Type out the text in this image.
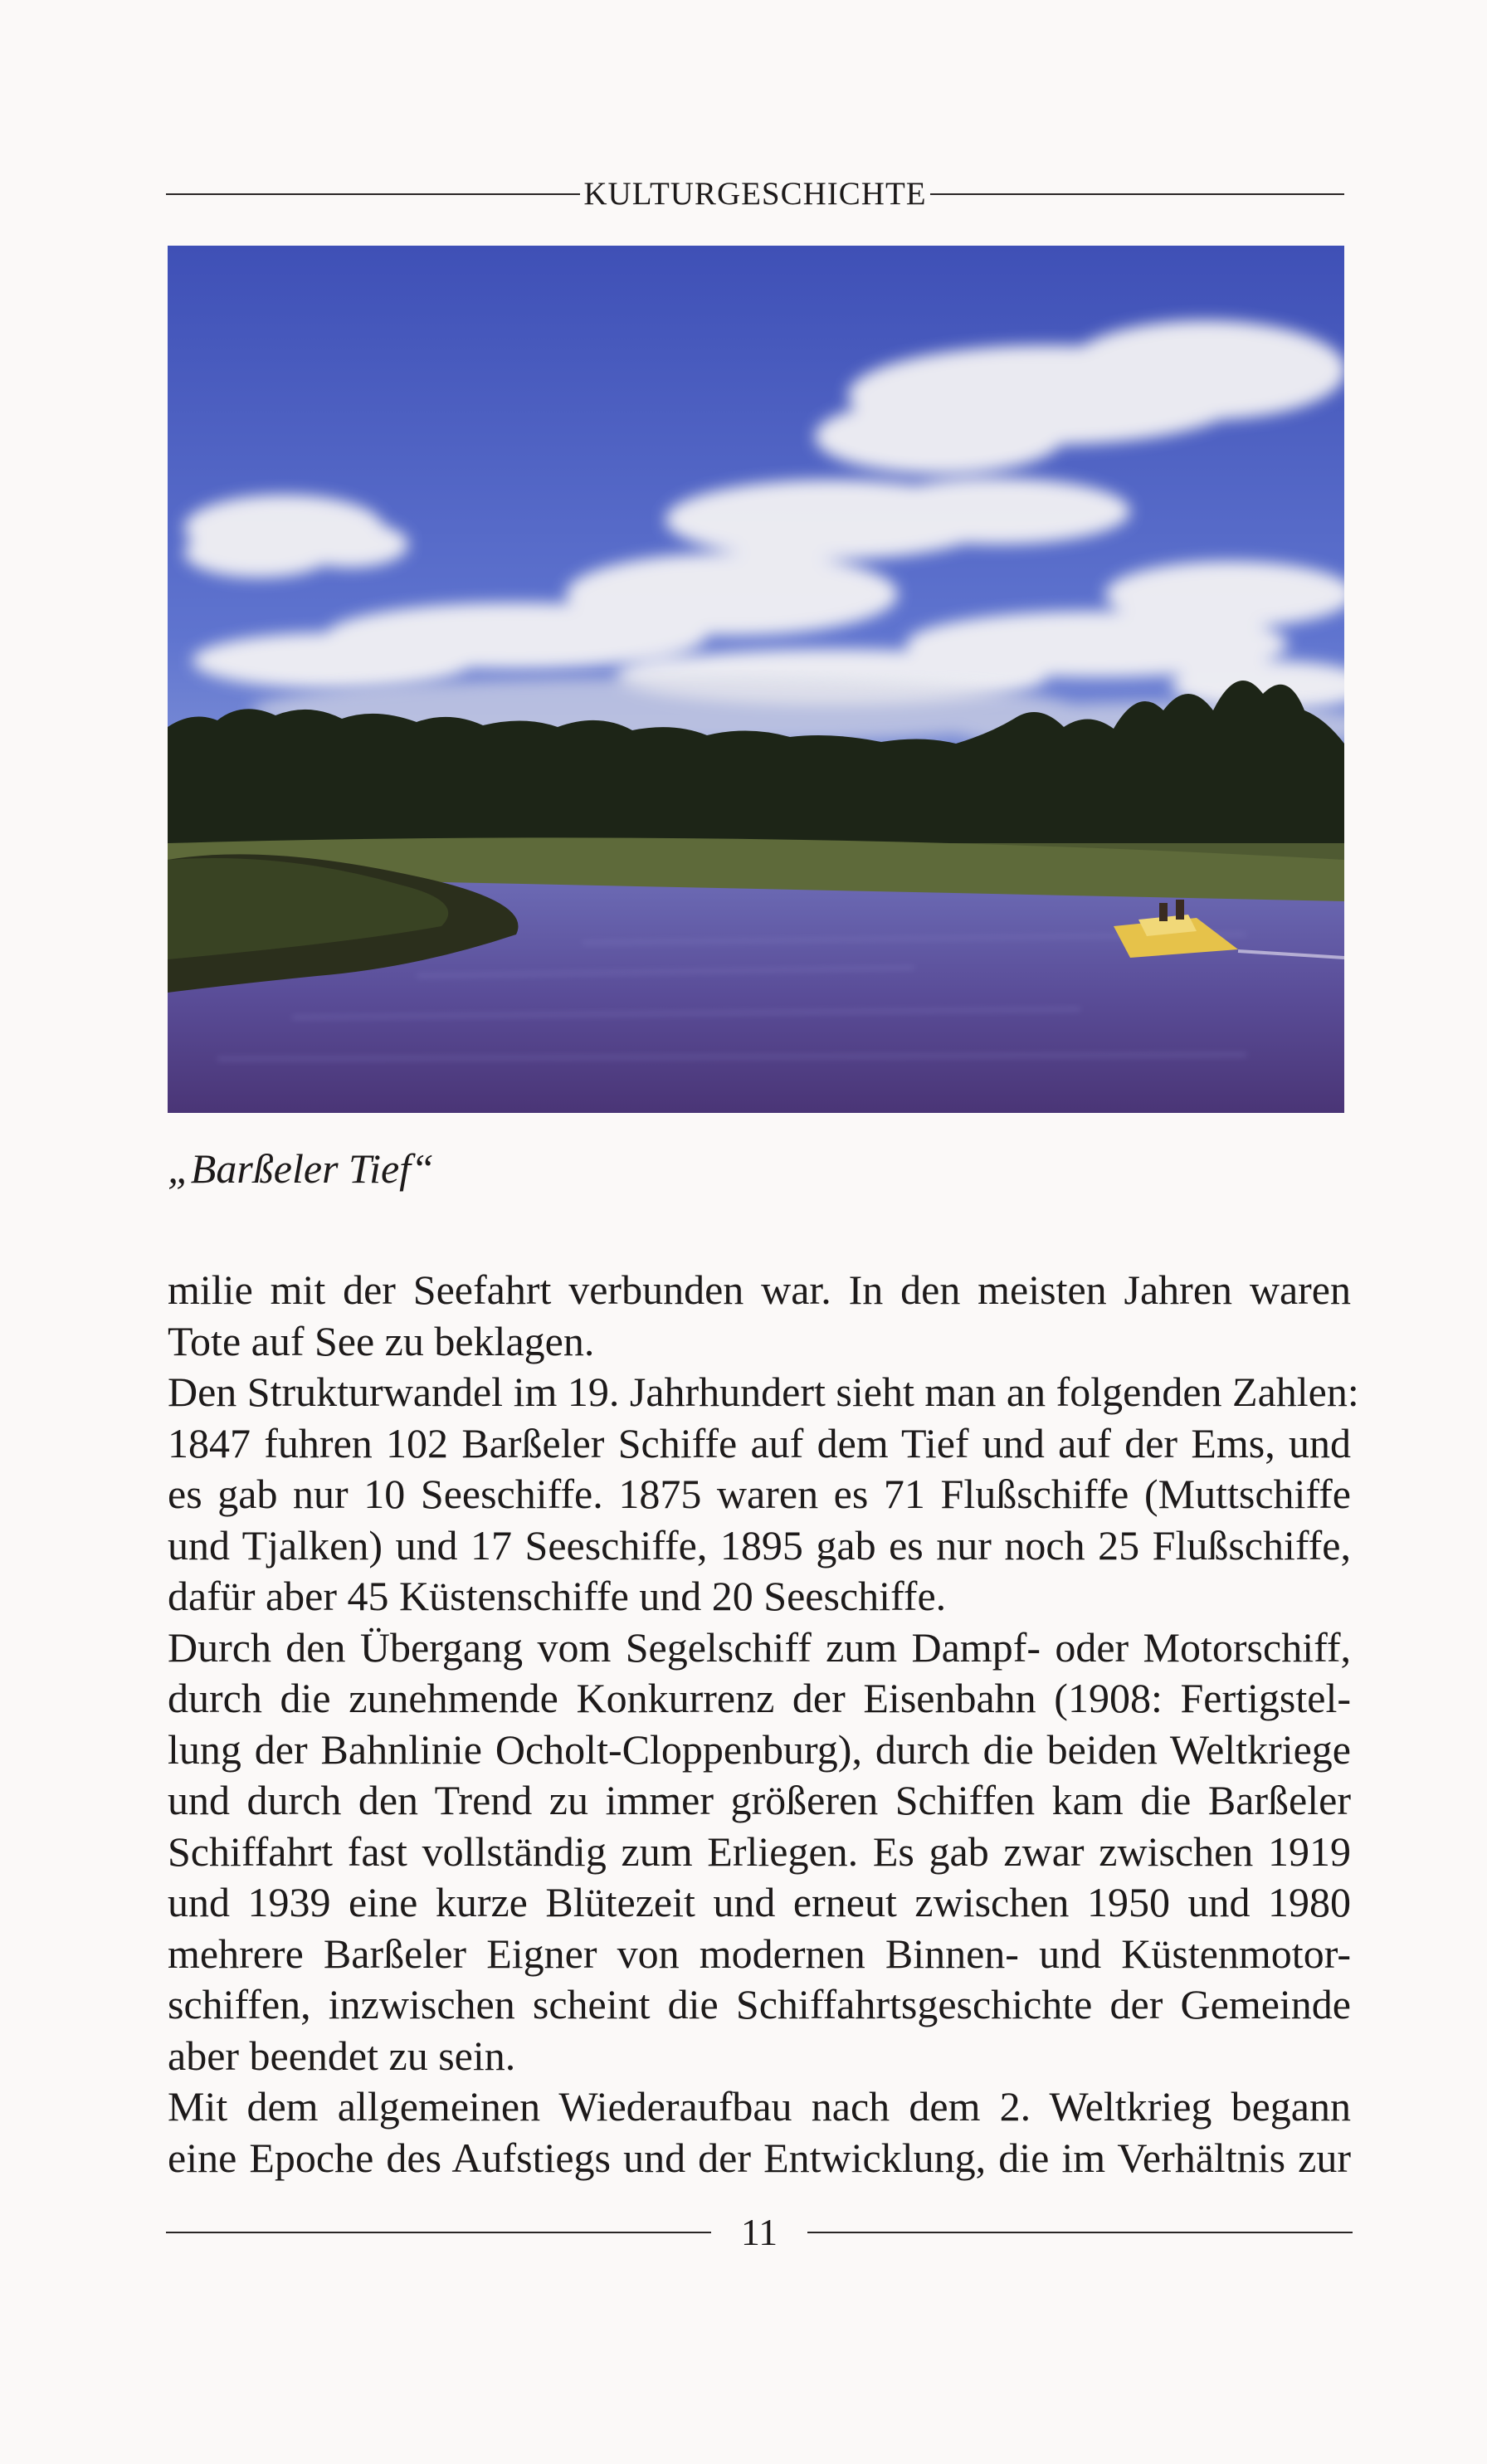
KULTURGESCHICHTE
„Barßeler Tief“
milie mit der Seefahrt verbunden war. In den meisten Jahren waren
Tote auf See zu beklagen.
Den Strukturwandel im 19. Jahrhundert sieht man an folgenden Zahlen:
1847 fuhren 102 Barßeler Schiffe auf dem Tief und auf der Ems, und
es gab nur 10 Seeschiffe. 1875 waren es 71 Flußschiffe (Muttschiffe
und Tjalken) und 17 Seeschiffe, 1895 gab es nur noch 25 Flußschiffe,
dafür aber 45 Küstenschiffe und 20 Seeschiffe.
Durch den Übergang vom Segelschiff zum Dampf- oder Motorschiff,
durch die zunehmende Konkurrenz der Eisenbahn (1908: Fertigstel-
lung der Bahnlinie Ocholt-Cloppenburg), durch die beiden Weltkriege
und durch den Trend zu immer größeren Schiffen kam die Barßeler
Schiffahrt fast vollständig zum Erliegen. Es gab zwar zwischen 1919
und 1939 eine kurze Blütezeit und erneut zwischen 1950 und 1980
mehrere Barßeler Eigner von modernen Binnen- und Küstenmotor-
schiffen, inzwischen scheint die Schiffahrtsgeschichte der Gemeinde
aber beendet zu sein.
Mit dem allgemeinen Wiederaufbau nach dem 2. Weltkrieg begann
eine Epoche des Aufstiegs und der Entwicklung, die im Verhältnis zur
11
